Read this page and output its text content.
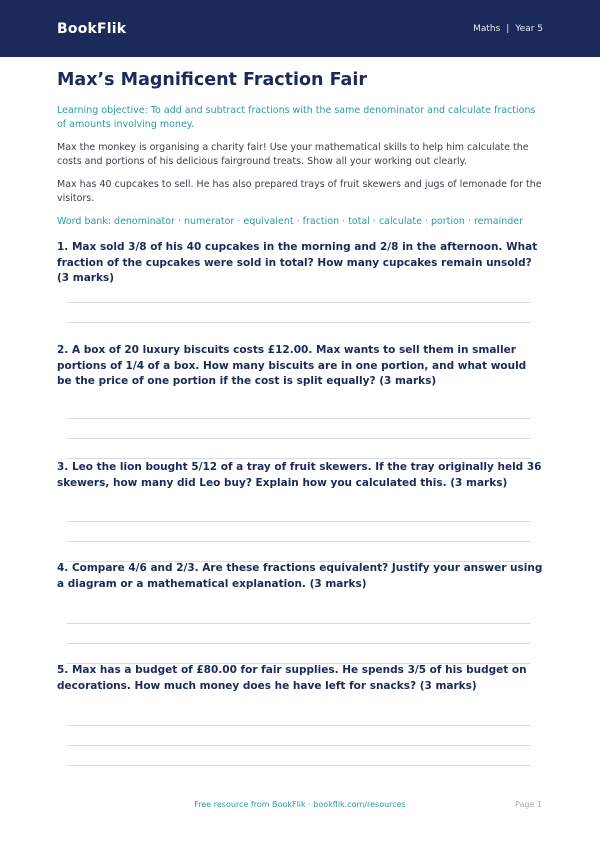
BookFlik	Maths | Year 5
Max’s Magnificent Fraction Fair

Learning objective: To add and subtract fractions with the same denominator and calculate fractions of amounts involving money.

Max the monkey is organising a charity fair! Use your mathematical skills to help him calculate the costs and portions of his delicious fairground treats. Show all your working out clearly.

Max has 40 cupcakes to sell. He has also prepared trays of fruit skewers and jugs of lemonade for the visitors.

Word bank: denominator · numerator · equivalent · fraction · total · calculate · portion · remainder

1. Max sold 3/8 of his 40 cupcakes in the morning and 2/8 in the afternoon. What fraction of the cupcakes were sold in total? How many cupcakes remain unsold? (3 marks)

2. A box of 20 luxury biscuits costs £12.00. Max wants to sell them in smaller portions of 1/4 of a box. How many biscuits are in one portion, and what would be the price of one portion if the cost is split equally? (3 marks)

3. Leo the lion bought 5/12 of a tray of fruit skewers. If the tray originally held 36 skewers, how many did Leo buy? Explain how you calculated this. (3 marks)

4. Compare 4/6 and 2/3. Are these fractions equivalent? Justify your answer using a diagram or a mathematical explanation. (3 marks)

5. Max has a budget of £80.00 for fair supplies. He spends 3/5 of his budget on decorations. How much money does he have left for snacks? (3 marks)

Free resource from BookFlik · bookflik.com/resources	Page 1
